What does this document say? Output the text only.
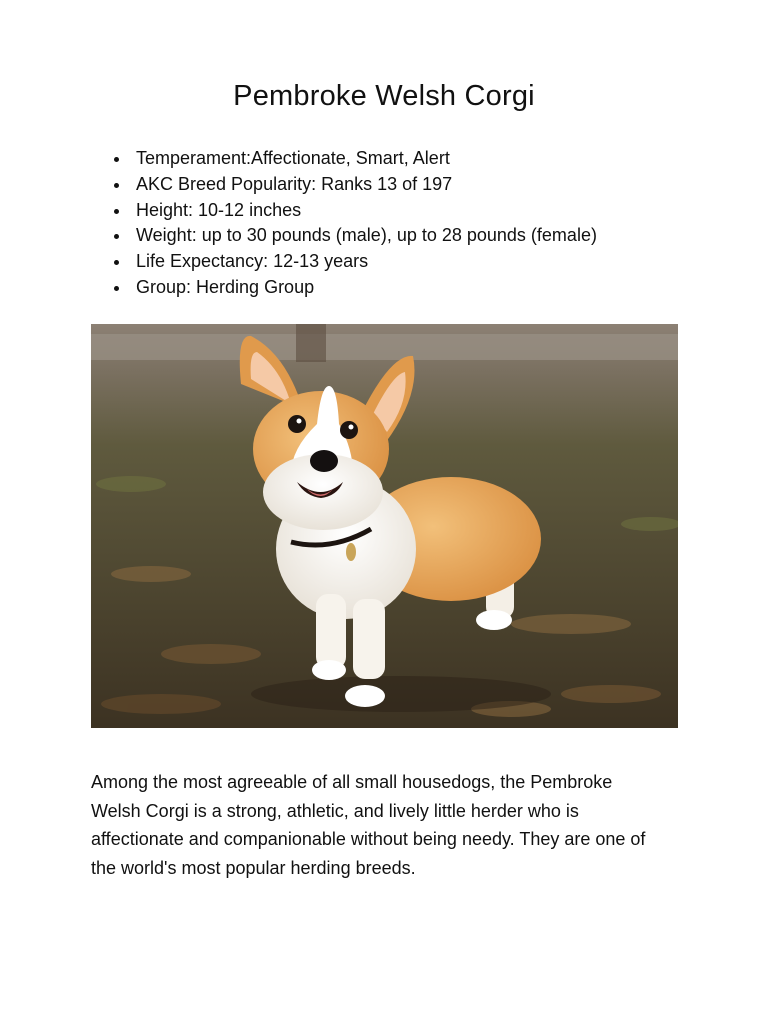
Pembroke Welsh Corgi
Temperament:Affectionate, Smart, Alert
AKC Breed Popularity: Ranks 13 of 197
Height: 10-12 inches
Weight: up to 30 pounds (male), up to 28 pounds (female)
Life Expectancy: 12-13 years
Group: Herding Group

Among the most agreeable of all small housedogs, the Pembroke
Welsh Corgi is a strong, athletic, and lively little herder who is
affectionate and companionable without being needy. They are one of
the world's most popular herding breeds.
